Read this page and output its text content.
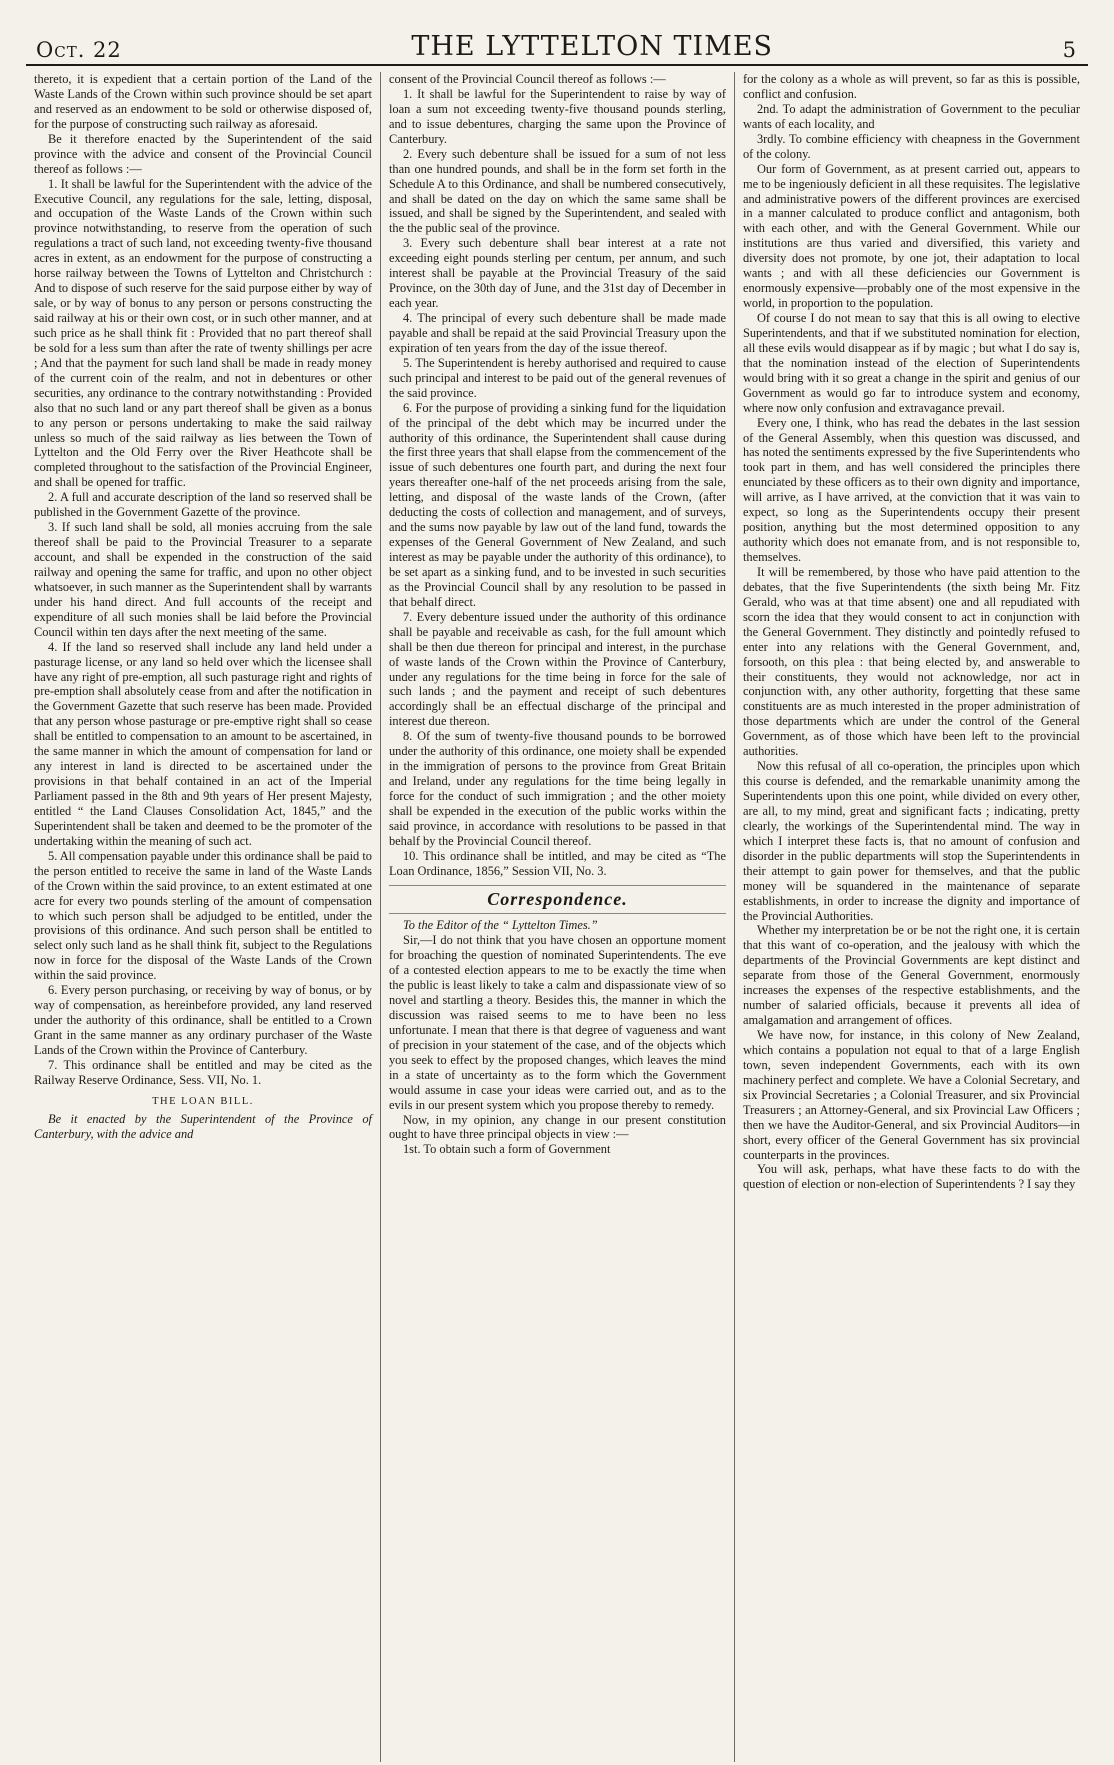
Oct. 22	THE LYTTELTON TIMES	5

thereto, it is expedient that a certain portion of the Land of the Waste Lands of the Crown within such province should be set apart and reserved as an endowment to be sold or otherwise disposed of, for the purpose of constructing such railway as aforesaid.

Be it therefore enacted by the Superintendent of the said province with the advice and consent of the Provincial Council thereof as follows :—

1. It shall be lawful for the Superintendent with the advice of the Executive Council, any regulations for the sale, letting, disposal, and occupation of the Waste Lands of the Crown within such province notwithstanding, to reserve from the operation of such regulations a tract of such land, not exceeding twenty-five thousand acres in extent, as an endowment for the purpose of constructing a horse railway between the Towns of Lyttelton and Christchurch : And to dispose of such reserve for the said purpose either by way of sale, or by way of bonus to any person or persons constructing the said railway at his or their own cost, or in such other manner, and at such price as he shall think fit : Provided that no part thereof shall be sold for a less sum than after the rate of twenty shillings per acre ; And that the payment for such land shall be made in ready money of the current coin of the realm, and not in debentures or other securities, any ordinance to the contrary notwithstanding : Provided also that no such land or any part thereof shall be given as a bonus to any person or persons undertaking to make the said railway unless so much of the said railway as lies between the Town of Lyttelton and the Old Ferry over the River Heathcote shall be completed throughout to the satisfaction of the Provincial Engineer, and shall be opened for traffic.

2. A full and accurate description of the land so reserved shall be published in the Government Gazette of the province.

3. If such land shall be sold, all monies accruing from the sale thereof shall be paid to the Provincial Treasurer to a separate account, and shall be expended in the construction of the said railway and opening the same for traffic, and upon no other object whatsoever, in such manner as the Superintendent shall by warrants under his hand direct. And full accounts of the receipt and expenditure of all such monies shall be laid before the Provincial Council within ten days after the next meeting of the same.

4. If the land so reserved shall include any land held under a pasturage license, or any land so held over which the licensee shall have any right of pre-emption, all such pasturage right and rights of pre-emption shall absolutely cease from and after the notification in the Government Gazette that such reserve has been made. Provided that any person whose pasturage or pre-emptive right shall so cease shall be entitled to compensation to an amount to be ascertained, in the same manner in which the amount of compensation for land or any interest in land is directed to be ascertained under the provisions in that behalf contained in an act of the Imperial Parliament passed in the 8th and 9th years of Her present Majesty, entitled “ the Land Clauses Consolidation Act, 1845,” and the Superintendent shall be taken and deemed to be the promoter of the undertaking within the meaning of such act.

5. All compensation payable under this ordinance shall be paid to the person entitled to receive the same in land of the Waste Lands of the Crown within the said province, to an extent estimated at one acre for every two pounds sterling of the amount of compensation to which such person shall be adjudged to be entitled, under the provisions of this ordinance. And such person shall be entitled to select only such land as he shall think fit, subject to the Regulations now in force for the disposal of the Waste Lands of the Crown within the said province.

6. Every person purchasing, or receiving by way of bonus, or by way of compensation, as hereinbefore provided, any land reserved under the authority of this ordinance, shall be entitled to a Crown Grant in the same manner as any ordinary purchaser of the Waste Lands of the Crown within the Province of Canterbury.

7. This ordinance shall be entitled and may be cited as the Railway Reserve Ordinance, Sess. VII, No. 1.

THE LOAN BILL.

Be it enacted by the Superintendent of the Province of Canterbury, with the advice and

consent of the Provincial Council thereof as follows :—

1. It shall be lawful for the Superintendent to raise by way of loan a sum not exceeding twenty-five thousand pounds sterling, and to issue debentures, charging the same upon the Province of Canterbury.

2. Every such debenture shall be issued for a sum of not less than one hundred pounds, and shall be in the form set forth in the Schedule A to this Ordinance, and shall be numbered consecutively, and shall be dated on the day on which the same same shall be issued, and shall be signed by the Superintendent, and sealed with the the public seal of the province.

3. Every such debenture shall bear interest at a rate not exceeding eight pounds sterling per centum, per annum, and such interest shall be payable at the Provincial Treasury of the said Province, on the 30th day of June, and the 31st day of December in each year.

4. The principal of every such debenture shall be made made payable and shall be repaid at the said Provincial Treasury upon the expiration of ten years from the day of the issue thereof.

5. The Superintendent is hereby authorised and required to cause such principal and interest to be paid out of the general revenues of the said province.

6. For the purpose of providing a sinking fund for the liquidation of the principal of the debt which may be incurred under the authority of this ordinance, the Superintendent shall cause during the first three years that shall elapse from the commencement of the issue of such debentures one fourth part, and during the next four years thereafter one-half of the net proceeds arising from the sale, letting, and disposal of the waste lands of the Crown, (after deducting the costs of collection and management, and of surveys, and the sums now payable by law out of the land fund, towards the expenses of the General Government of New Zealand, and such interest as may be payable under the authority of this ordinance), to be set apart as a sinking fund, and to be invested in such securities as the Provincial Council shall by any resolution to be passed in that behalf direct.

7. Every debenture issued under the authority of this ordinance shall be payable and receivable as cash, for the full amount which shall be then due thereon for principal and interest, in the purchase of waste lands of the Crown within the Province of Canterbury, under any regulations for the time being in force for the sale of such lands ; and the payment and receipt of such debentures accordingly shall be an effectual discharge of the principal and interest due thereon.

8. Of the sum of twenty-five thousand pounds to be borrowed under the authority of this ordinance, one moiety shall be expended in the immigration of persons to the province from Great Britain and Ireland, under any regulations for the time being legally in force for the conduct of such immigration ; and the other moiety shall be expended in the execution of the public works within the said province, in accordance with resolutions to be passed in that behalf by the Provincial Council thereof.

10. This ordinance shall be intitled, and may be cited as “The Loan Ordinance, 1856,” Session VII, No. 3.

Correspondence.

To the Editor of the “ Lyttelton Times.”

Sir,—I do not think that you have chosen an opportune moment for broaching the question of nominated Superintendents. The eve of a contested election appears to me to be exactly the time when the public is least likely to take a calm and dispassionate view of so novel and startling a theory. Besides this, the manner in which the discussion was raised seems to me to have been no less unfortunate. I mean that there is that degree of vagueness and want of precision in your statement of the case, and of the objects which you seek to effect by the proposed changes, which leaves the mind in a state of uncertainty as to the form which the Government would assume in case your ideas were carried out, and as to the evils in our present system which you propose thereby to remedy.

Now, in my opinion, any change in our present constitution ought to have three principal objects in view :—

1st. To obtain such a form of Government

for the colony as a whole as will prevent, so far as this is possible, conflict and confusion.

2nd. To adapt the administration of Government to the peculiar wants of each locality, and

3rdly. To combine efficiency with cheapness in the Government of the colony.

Our form of Government, as at present carried out, appears to me to be ingeniously deficient in all these requisites. The legislative and administrative powers of the different provinces are exercised in a manner calculated to produce conflict and antagonism, both with each other, and with the General Government. While our institutions are thus varied and diversified, this variety and diversity does not promote, by one jot, their adaptation to local wants ; and with all these deficiencies our Government is enormously expensive—probably one of the most expensive in the world, in proportion to the population.

Of course I do not mean to say that this is all owing to elective Superintendents, and that if we substituted nomination for election, all these evils would disappear as if by magic ; but what I do say is, that the nomination instead of the election of Superintendents would bring with it so great a change in the spirit and genius of our Government as would go far to introduce system and economy, where now only confusion and extravagance prevail.

Every one, I think, who has read the debates in the last session of the General Assembly, when this question was discussed, and has noted the sentiments expressed by the five Superintendents who took part in them, and has well considered the principles there enunciated by these officers as to their own dignity and importance, will arrive, as I have arrived, at the conviction that it was vain to expect, so long as the Superintendents occupy their present position, anything but the most determined opposition to any authority which does not emanate from, and is not responsible to, themselves.

It will be remembered, by those who have paid attention to the debates, that the five Superintendents (the sixth being Mr. Fitz Gerald, who was at that time absent) one and all repudiated with scorn the idea that they would consent to act in conjunction with the General Government. They distinctly and pointedly refused to enter into any relations with the General Government, and, forsooth, on this plea : that being elected by, and answerable to their constituents, they would not acknowledge, nor act in conjunction with, any other authority, forgetting that these same constituents are as much interested in the proper administration of those departments which are under the control of the General Government, as of those which have been left to the provincial authorities.

Now this refusal of all co-operation, the principles upon which this course is defended, and the remarkable unanimity among the Superintendents upon this one point, while divided on every other, are all, to my mind, great and significant facts ; indicating, pretty clearly, the workings of the Superintendental mind. The way in which I interpret these facts is, that no amount of confusion and disorder in the public departments will stop the Superintendents in their attempt to gain power for themselves, and that the public money will be squandered in the maintenance of separate establishments, in order to increase the dignity and importance of the Provincial Authorities.

Whether my interpretation be or be not the right one, it is certain that this want of co-operation, and the jealousy with which the departments of the Provincial Governments are kept distinct and separate from those of the General Government, enormously increases the expenses of the respective establishments, and the number of salaried officials, because it prevents all idea of amalgamation and arrangement of offices.

We have now, for instance, in this colony of New Zealand, which contains a population not equal to that of a large English town, seven independent Governments, each with its own machinery perfect and complete. We have a Colonial Secretary, and six Provincial Secretaries ; a Colonial Treasurer, and six Provincial Treasurers ; an Attorney-General, and six Provincial Law Officers ; then we have the Auditor-General, and six Provincial Auditors—in short, every officer of the General Government has six provincial counterparts in the provinces.

You will ask, perhaps, what have these facts to do with the question of election or non-election of Superintendents ? I say they
